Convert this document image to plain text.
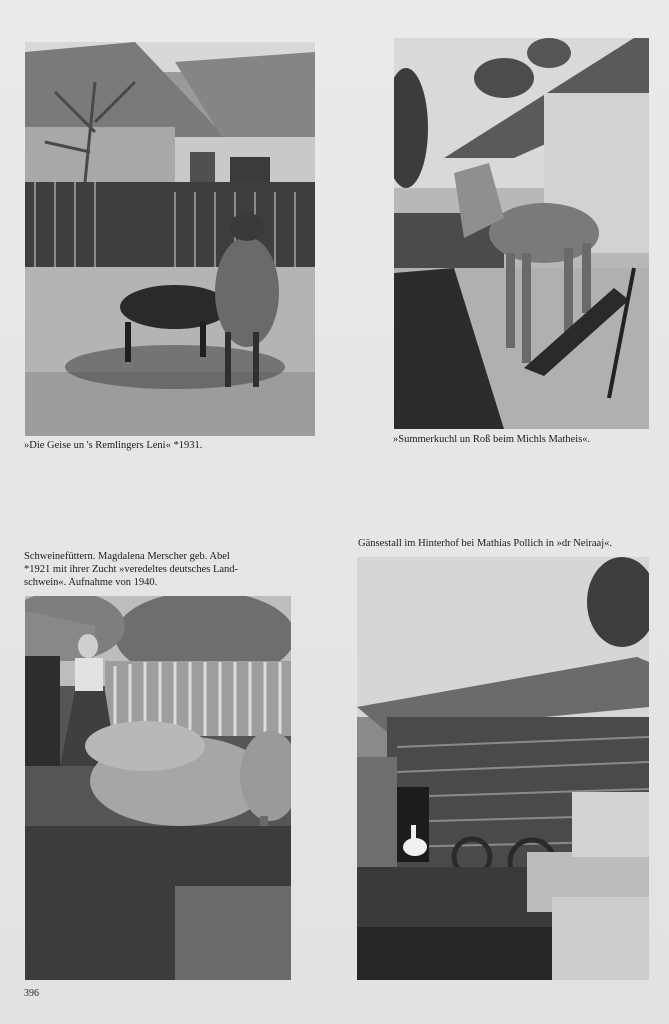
»Die Geise un 's Remlingers Leni« *1931.
»Summerkuchl un Roß beim Michls Matheis«.
Schweinefüttern. Magdalena Merscher geb. Abel
*1921 mit ihrer Zucht »veredeltes deutsches Land-
schwein«. Aufnahme von 1940.
Gänsestall im Hinterhof bei Mathias Pollich in »dr Neiraaj«.
396
